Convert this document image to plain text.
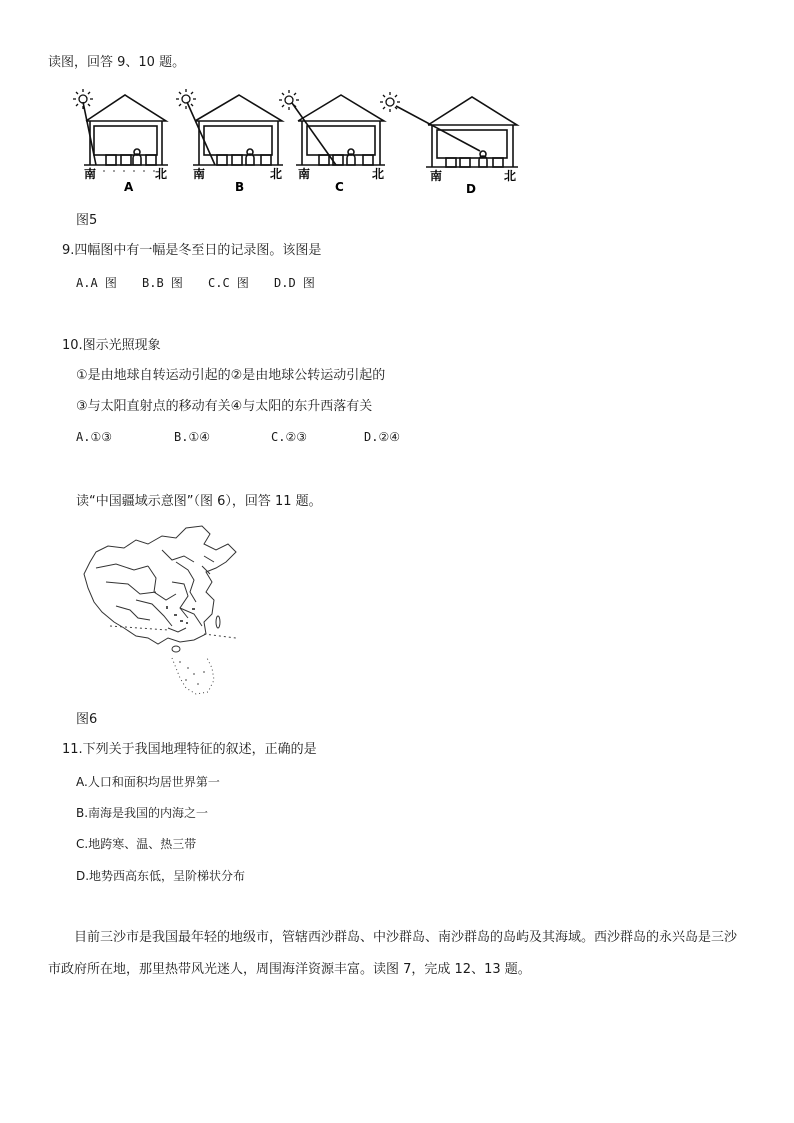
读图，回答 9、10 题。
南	北
A
南	北
B
南	北
C
南	北
D
图5
9.四幅图中有一幅是冬至日的记录图。该图是
A.A 图 B.B 图 C.C 图 D.D 图
10.图示光照现象
①是由地球自转运动引起的②是由地球公转运动引起的
③与太阳直射点的移动有关④与太阳的东升西落有关
A.①③	B.①④	C.②③	D.②④
读“中国疆域示意图”（图 6），回答 11 题。
图6
11.下列关于我国地理特征的叙述，正确的是
A.人口和面积均居世界第一
B.南海是我国的内海之一
C.地跨寒、温、热三带
D.地势西高东低，呈阶梯状分布
目前三沙市是我国最年轻的地级市，管辖西沙群岛、中沙群岛、南沙群岛的岛屿及其海域。西沙群岛的永兴岛是三沙市政府所在地，那里热带风光迷人，周围海洋资源丰富。读图 7，完成 12、13 题。
